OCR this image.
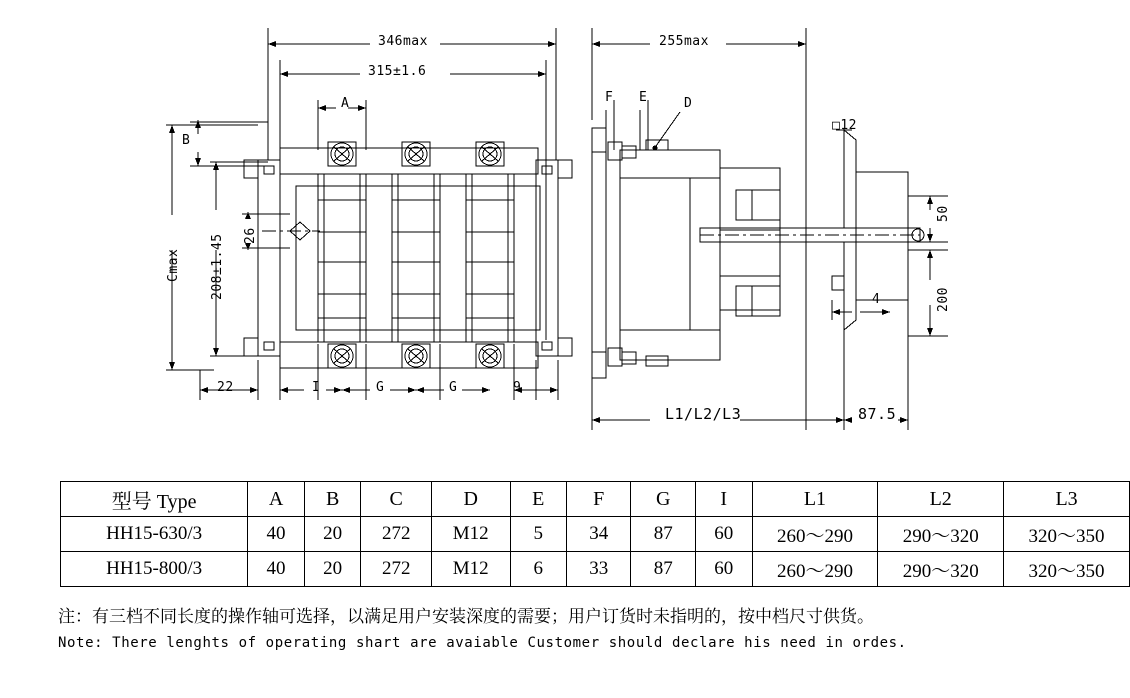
346max
315±1.6
255max
A
B
F E	D
□12
50
200
4
26
208±1.45
Cmax
22	I	G	G	9
L1/L2/L3	87.5
型号 Type	A	B	C	D	E	F	G	I	L1	L2	L3
HH15-630/3	40	20	272	M12	5	34	87	60	260～290	290～320	320～350
HH15-800/3	40	20	272	M12	6	33	87	60	260～290	290～320	320～350
注：有三档不同长度的操作轴可选择，以满足用户安装深度的需要；用户订货时未指明的，按中档尺寸供货。
Note: There lenghts of operating shart are avaiable Customer should declare his need in ordes.
